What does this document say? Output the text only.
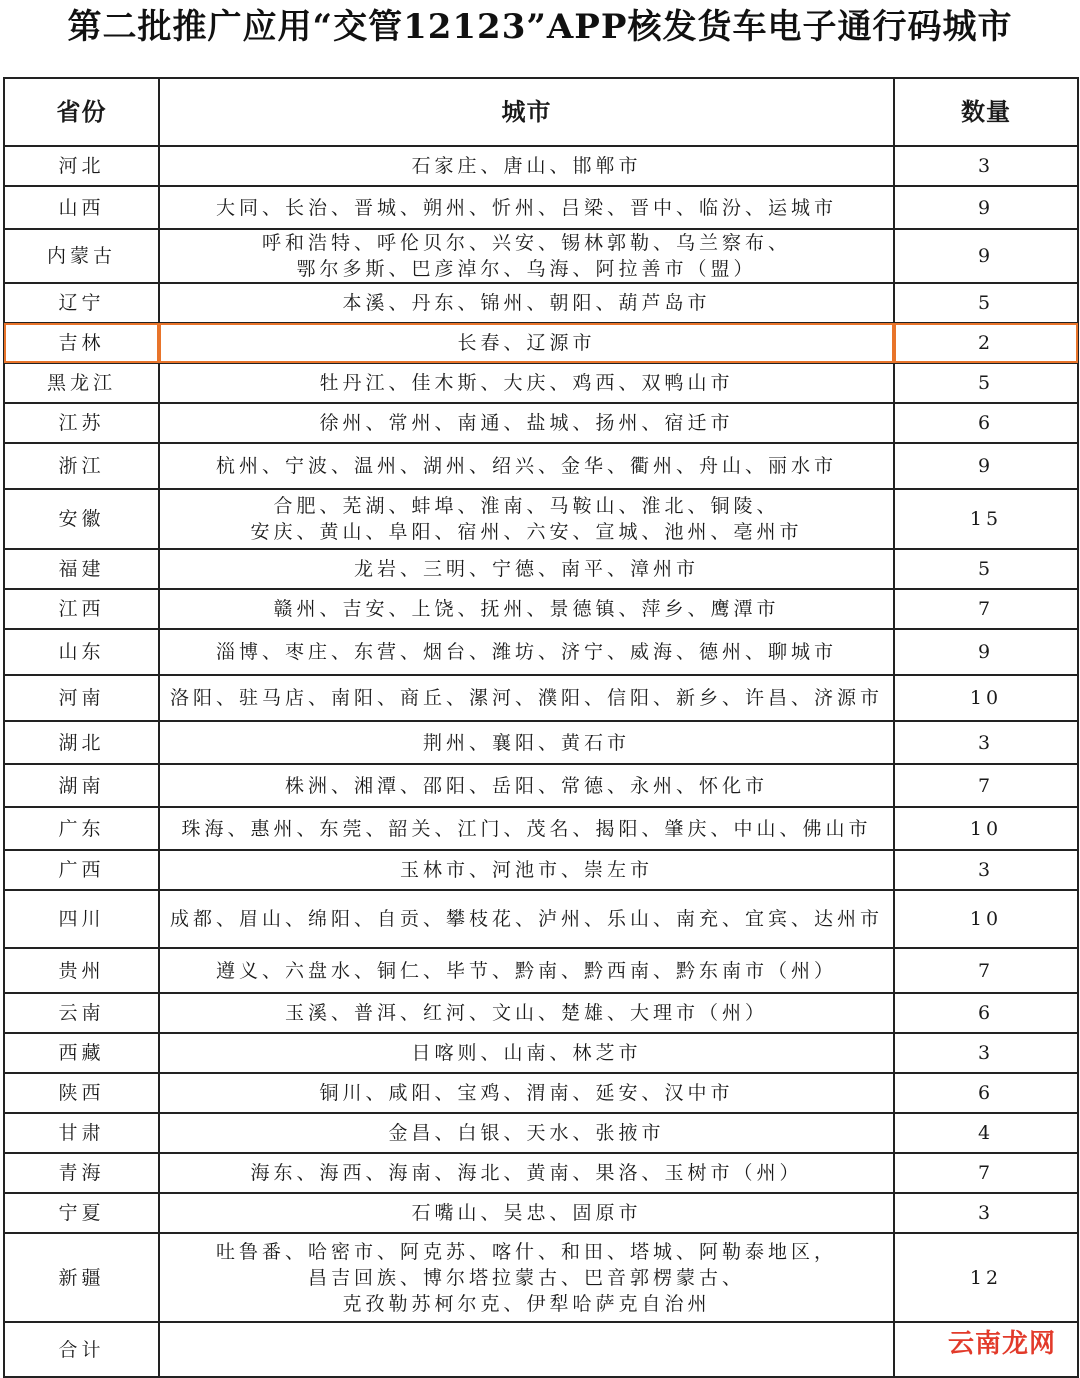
第二批推广应用“交管12123”APP核发货车电子通行码城市
省份	城市	数量
河北	石家庄、唐山、邯郸市	3
山西	大同、长治、晋城、朔州、忻州、吕梁、晋中、临汾、运城市	9
内蒙古	呼和浩特、呼伦贝尔、兴安、锡林郭勒、乌兰察布、
鄂尔多斯、巴彦淖尔、乌海、阿拉善市（盟）	9
辽宁	本溪、丹东、锦州、朝阳、葫芦岛市	5
吉林	长春、辽源市	2
黑龙江	牡丹江、佳木斯、大庆、鸡西、双鸭山市	5
江苏	徐州、常州、南通、盐城、扬州、宿迁市	6
浙江	杭州、宁波、温州、湖州、绍兴、金华、衢州、舟山、丽水市	9
安徽	合肥、芜湖、蚌埠、淮南、马鞍山、淮北、铜陵、
安庆、黄山、阜阳、宿州、六安、宣城、池州、亳州市	15
福建	龙岩、三明、宁德、南平、漳州市	5
江西	赣州、吉安、上饶、抚州、景德镇、萍乡、鹰潭市	7
山东	淄博、枣庄、东营、烟台、潍坊、济宁、威海、德州、聊城市	9
河南	洛阳、驻马店、南阳、商丘、漯河、濮阳、信阳、新乡、许昌、济源市	10
湖北	荆州、襄阳、黄石市	3
湖南	株洲、湘潭、邵阳、岳阳、常德、永州、怀化市	7
广东	珠海、惠州、东莞、韶关、江门、茂名、揭阳、肇庆、中山、佛山市	10
广西	玉林市、河池市、崇左市	3
四川	成都、眉山、绵阳、自贡、攀枝花、泸州、乐山、南充、宜宾、达州市	10
贵州	遵义、六盘水、铜仁、毕节、黔南、黔西南、黔东南市（州）	7
云南	玉溪、普洱、红河、文山、楚雄、大理市（州）	6
西藏	日喀则、山南、林芝市	3
陕西	铜川、咸阳、宝鸡、渭南、延安、汉中市	6
甘肃	金昌、白银、天水、张掖市	4
青海	海东、海西、海南、海北、黄南、果洛、玉树市（州）	7
宁夏	石嘴山、吴忠、固原市	3
新疆	吐鲁番、哈密市、阿克苏、喀什、和田、塔城、阿勒泰地区，
昌吉回族、博尔塔拉蒙古、巴音郭楞蒙古、
克孜勒苏柯尔克、伊犁哈萨克自治州	12
合计	
		云南龙网
